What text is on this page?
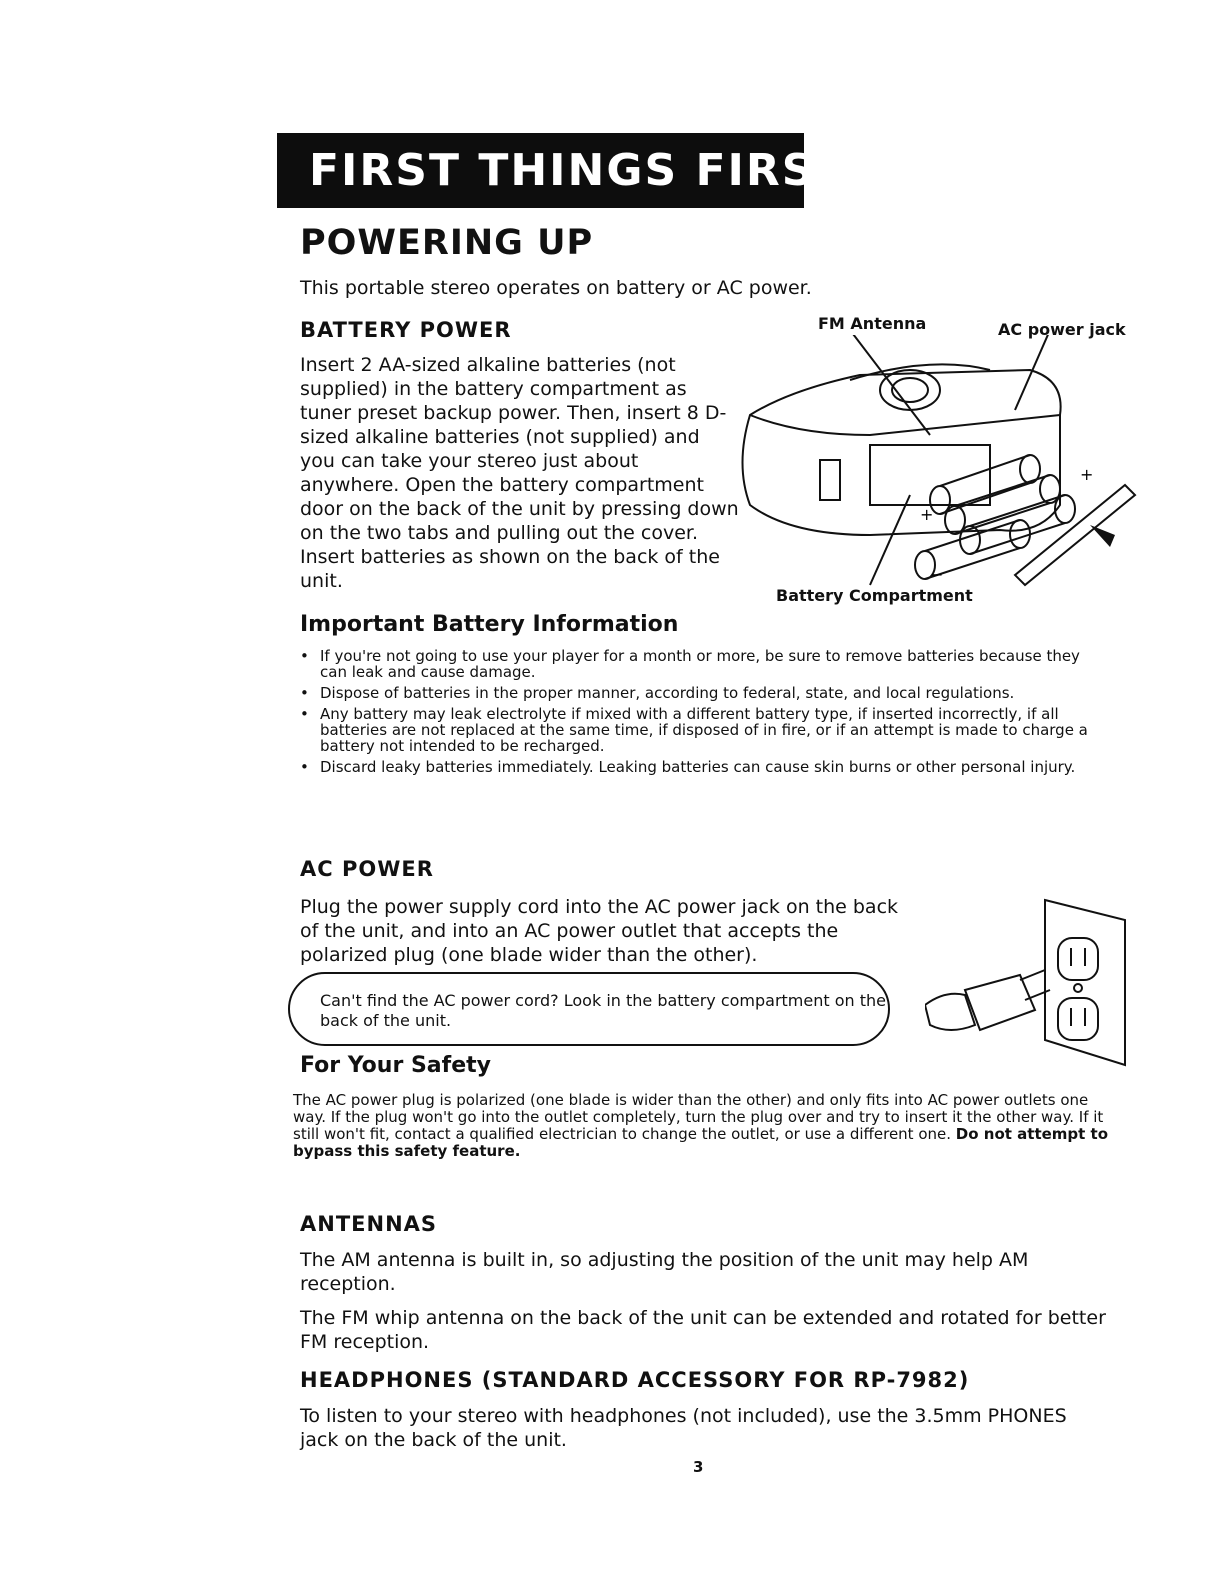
FIRST THINGS FIRST
POWERING UP
This portable stereo operates on battery or AC power.
BATTERY POWER
Insert 2 AA-sized alkaline batteries (not supplied) in the battery compartment as tuner preset backup power. Then, insert 8 D-sized alkaline batteries (not supplied) and you can take your stereo just about anywhere. Open the battery compartment door on the back of the unit by pressing down on the two tabs and pulling out the cover. Insert batteries as shown on the back of the unit.
FM Antenna	AC power jack
Battery Compartment
+
+
−
Important Battery Information
• If you're not going to use your player for a month or more, be sure to remove batteries because they can leak and cause damage.
• Dispose of batteries in the proper manner, according to federal, state, and local regulations.
• Any battery may leak electrolyte if mixed with a different battery type, if inserted incorrectly, if all batteries are not replaced at the same time, if disposed of in fire, or if an attempt is made to charge a battery not intended to be recharged.
• Discard leaky batteries immediately. Leaking batteries can cause skin burns or other personal injury.
AC POWER
Plug the power supply cord into the AC power jack on the back of the unit, and into an AC power outlet that accepts the polarized plug (one blade wider than the other).
Can't find the AC power cord? Look in the battery compartment on the back of the unit.
For Your Safety
The AC power plug is polarized (one blade is wider than the other) and only fits into AC power outlets one way. If the plug won't go into the outlet completely, turn the plug over and try to insert it the other way. If it still won't fit, contact a qualified electrician to change the outlet, or use a different one. Do not attempt to bypass this safety feature.
ANTENNAS
The AM antenna is built in, so adjusting the position of the unit may help AM reception.
The FM whip antenna on the back of the unit can be extended and rotated for better FM reception.
HEADPHONES (STANDARD ACCESSORY FOR RP-7982)
To listen to your stereo with headphones (not included), use the 3.5mm PHONES jack on the back of the unit.
3
